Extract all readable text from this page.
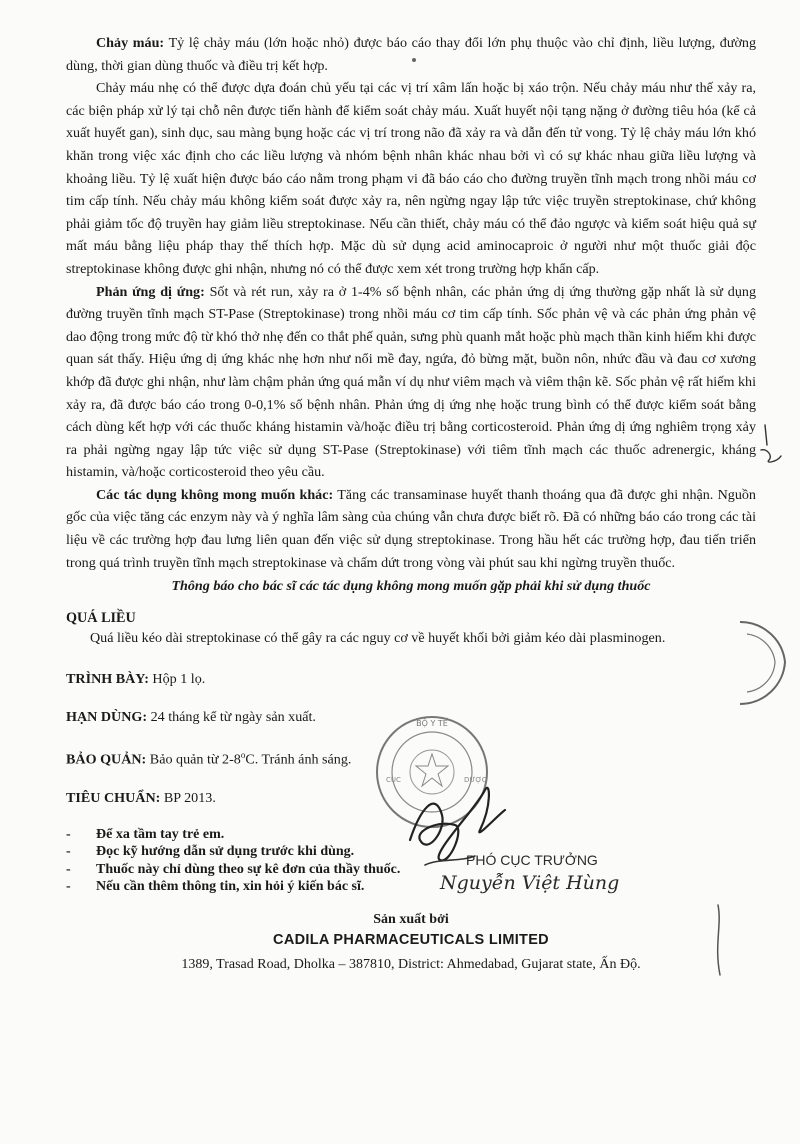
Chảy máu: Tỷ lệ chảy máu (lớn hoặc nhỏ) được báo cáo thay đổi lớn phụ thuộc vào chỉ định, liều lượng, đường dùng, thời gian dùng thuốc và điều trị kết hợp.

Chảy máu nhẹ có thể được dựa đoán chủ yếu tại các vị trí xâm lấn hoặc bị xáo trộn. Nếu chảy máu như thế xảy ra, các biện pháp xử lý tại chỗ nên được tiến hành để kiểm soát chảy máu. Xuất huyết nội tạng nặng ở đường tiêu hóa (kể cả xuất huyết gan), sinh dục, sau màng bụng hoặc các vị trí trong não đã xảy ra và dẫn đến tử vong. Tỷ lệ chảy máu lớn khó khăn trong việc xác định cho các liều lượng và nhóm bệnh nhân khác nhau bởi vì có sự khác nhau giữa liều lượng và khoảng liều. Tỷ lệ xuất hiện được báo cáo nằm trong phạm vi đã báo cáo cho đường truyền tĩnh mạch trong nhồi máu cơ tim cấp tính. Nếu chảy máu không kiểm soát được xảy ra, nên ngừng ngay lập tức việc truyền streptokinase, chứ không phải giảm tốc độ truyền hay giảm liều streptokinase. Nếu cần thiết, chảy máu có thể đảo ngược và kiểm soát hiệu quả sự mất máu bằng liệu pháp thay thế thích hợp. Mặc dù sử dụng acid aminocaproic ở người như một thuốc giải độc streptokinase không được ghi nhận, nhưng nó có thể được xem xét trong trường hợp khẩn cấp.

Phản ứng dị ứng: Sốt và rét run, xảy ra ở 1-4% số bệnh nhân, các phản ứng dị ứng thường gặp nhất là sử dụng đường truyền tĩnh mạch ST-Pase (Streptokinase) trong nhồi máu cơ tim cấp tính. Sốc phản vệ và các phản ứng phản vệ dao động trong mức độ từ khó thở nhẹ đến co thắt phế quản, sưng phù quanh mắt hoặc phù mạch thần kinh hiếm khi được quan sát thấy. Hiệu ứng dị ứng khác nhẹ hơn như nổi mề đay, ngứa, đỏ bừng mặt, buồn nôn, nhức đầu và đau cơ xương khớp đã được ghi nhận, như làm chậm phản ứng quá mẫn ví dụ như viêm mạch và viêm thận kẽ. Sốc phản vệ rất hiếm khi xảy ra, đã được báo cáo trong 0-0,1% số bệnh nhân. Phản ứng dị ứng nhẹ hoặc trung bình có thể được kiểm soát bằng cách dùng kết hợp với các thuốc kháng histamin và/hoặc điều trị bằng corticosteroid. Phản ứng dị ứng nghiêm trọng xảy ra phải ngừng ngay lập tức việc sử dụng ST-Pase (Streptokinase) với tiêm tĩnh mạch các thuốc adrenergic, kháng histamin, và/hoặc corticosteroid theo yêu cầu.

Các tác dụng không mong muốn khác: Tăng các transaminase huyết thanh thoáng qua đã được ghi nhận. Nguồn gốc của việc tăng các enzym này và ý nghĩa lâm sàng của chúng vẫn chưa được biết rõ. Đã có những báo cáo trong các tài liệu về các trường hợp đau lưng liên quan đến việc sử dụng streptokinase. Trong hầu hết các trường hợp, đau tiến triển trong quá trình truyền tĩnh mạch streptokinase và chấm dứt trong vòng vài phút sau khi ngừng truyền thuốc.

Thông báo cho bác sĩ các tác dụng không mong muốn gặp phải khi sử dụng thuốc

QUÁ LIỀU

Quá liều kéo dài streptokinase có thể gây ra các nguy cơ về huyết khối bởi giảm kéo dài plasminogen.

TRÌNH BÀY: Hộp 1 lọ.
HẠN DÙNG: 24 tháng kể từ ngày sản xuất.
BẢO QUẢN: Bảo quản từ 2-8$^o$C. Tránh ánh sáng.
TIÊU CHUẨN: BP 2013.
- Để xa tầm tay trẻ em.
- Đọc kỹ hướng dẫn sử dụng trước khi dùng.
- Thuốc này chỉ dùng theo sự kê đơn của thầy thuốc.
- Nếu cần thêm thông tin, xin hỏi ý kiến bác sĩ.
Sản xuất bởi
CADILA PHARMACEUTICALS LIMITED
1389, Trasad Road, Dholka – 387810, District: Ahmedabad, Gujarat state, Ấn Độ.
BỘ Y TẾ
CỤC	DƯỢC
PHÓ CỤC TRƯỞNG
Nguyễn Việt Hùng
